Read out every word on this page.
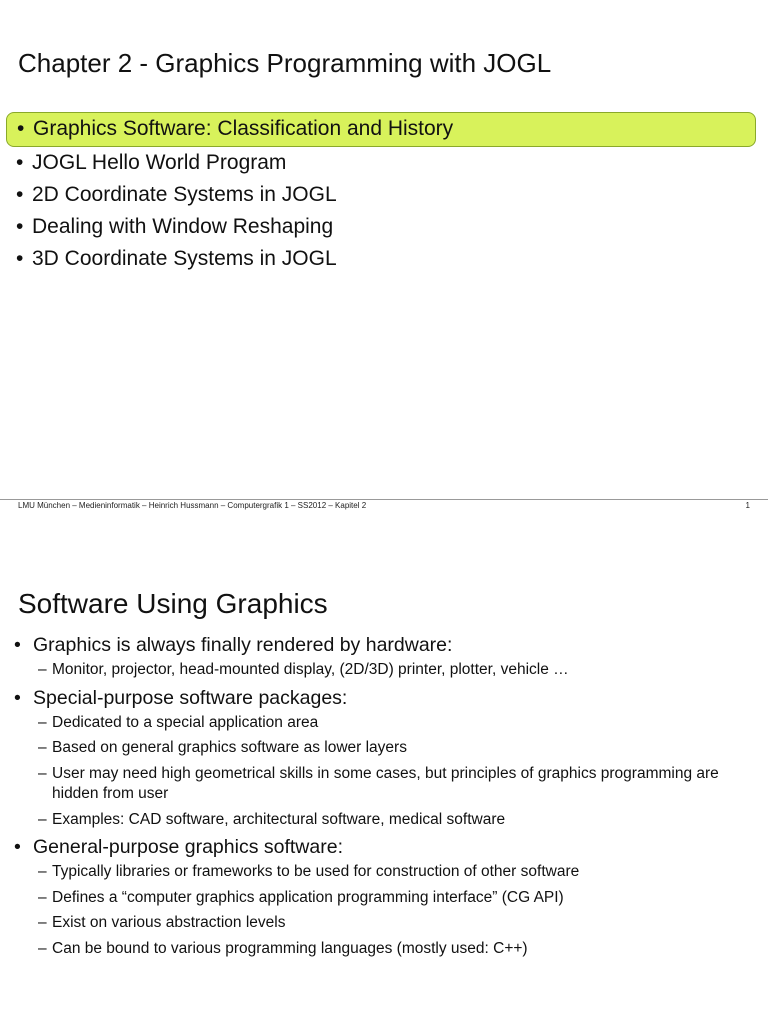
Chapter 2 - Graphics Programming with JOGL
• Graphics Software: Classification and History
• JOGL Hello World Program
• 2D Coordinate Systems in JOGL
• Dealing with Window Reshaping
• 3D Coordinate Systems in JOGL
LMU München – Medieninformatik – Heinrich Hussmann – Computergrafik 1 – SS2012 – Kapitel 2	1
Software Using Graphics
• Graphics is always finally rendered by hardware:
– Monitor, projector, head-mounted display, (2D/3D) printer, plotter, vehicle …
• Special-purpose software packages:
– Dedicated to a special application area
– Based on general graphics software as lower layers
– User may need high geometrical skills in some cases, but principles of graphics programming are hidden from user
– Examples: CAD software, architectural software, medical software
• General-purpose graphics software:
– Typically libraries or frameworks to be used for construction of other software
– Defines a “computer graphics application programming interface” (CG API)
– Exist on various abstraction levels
– Can be bound to various programming languages (mostly used: C++)
